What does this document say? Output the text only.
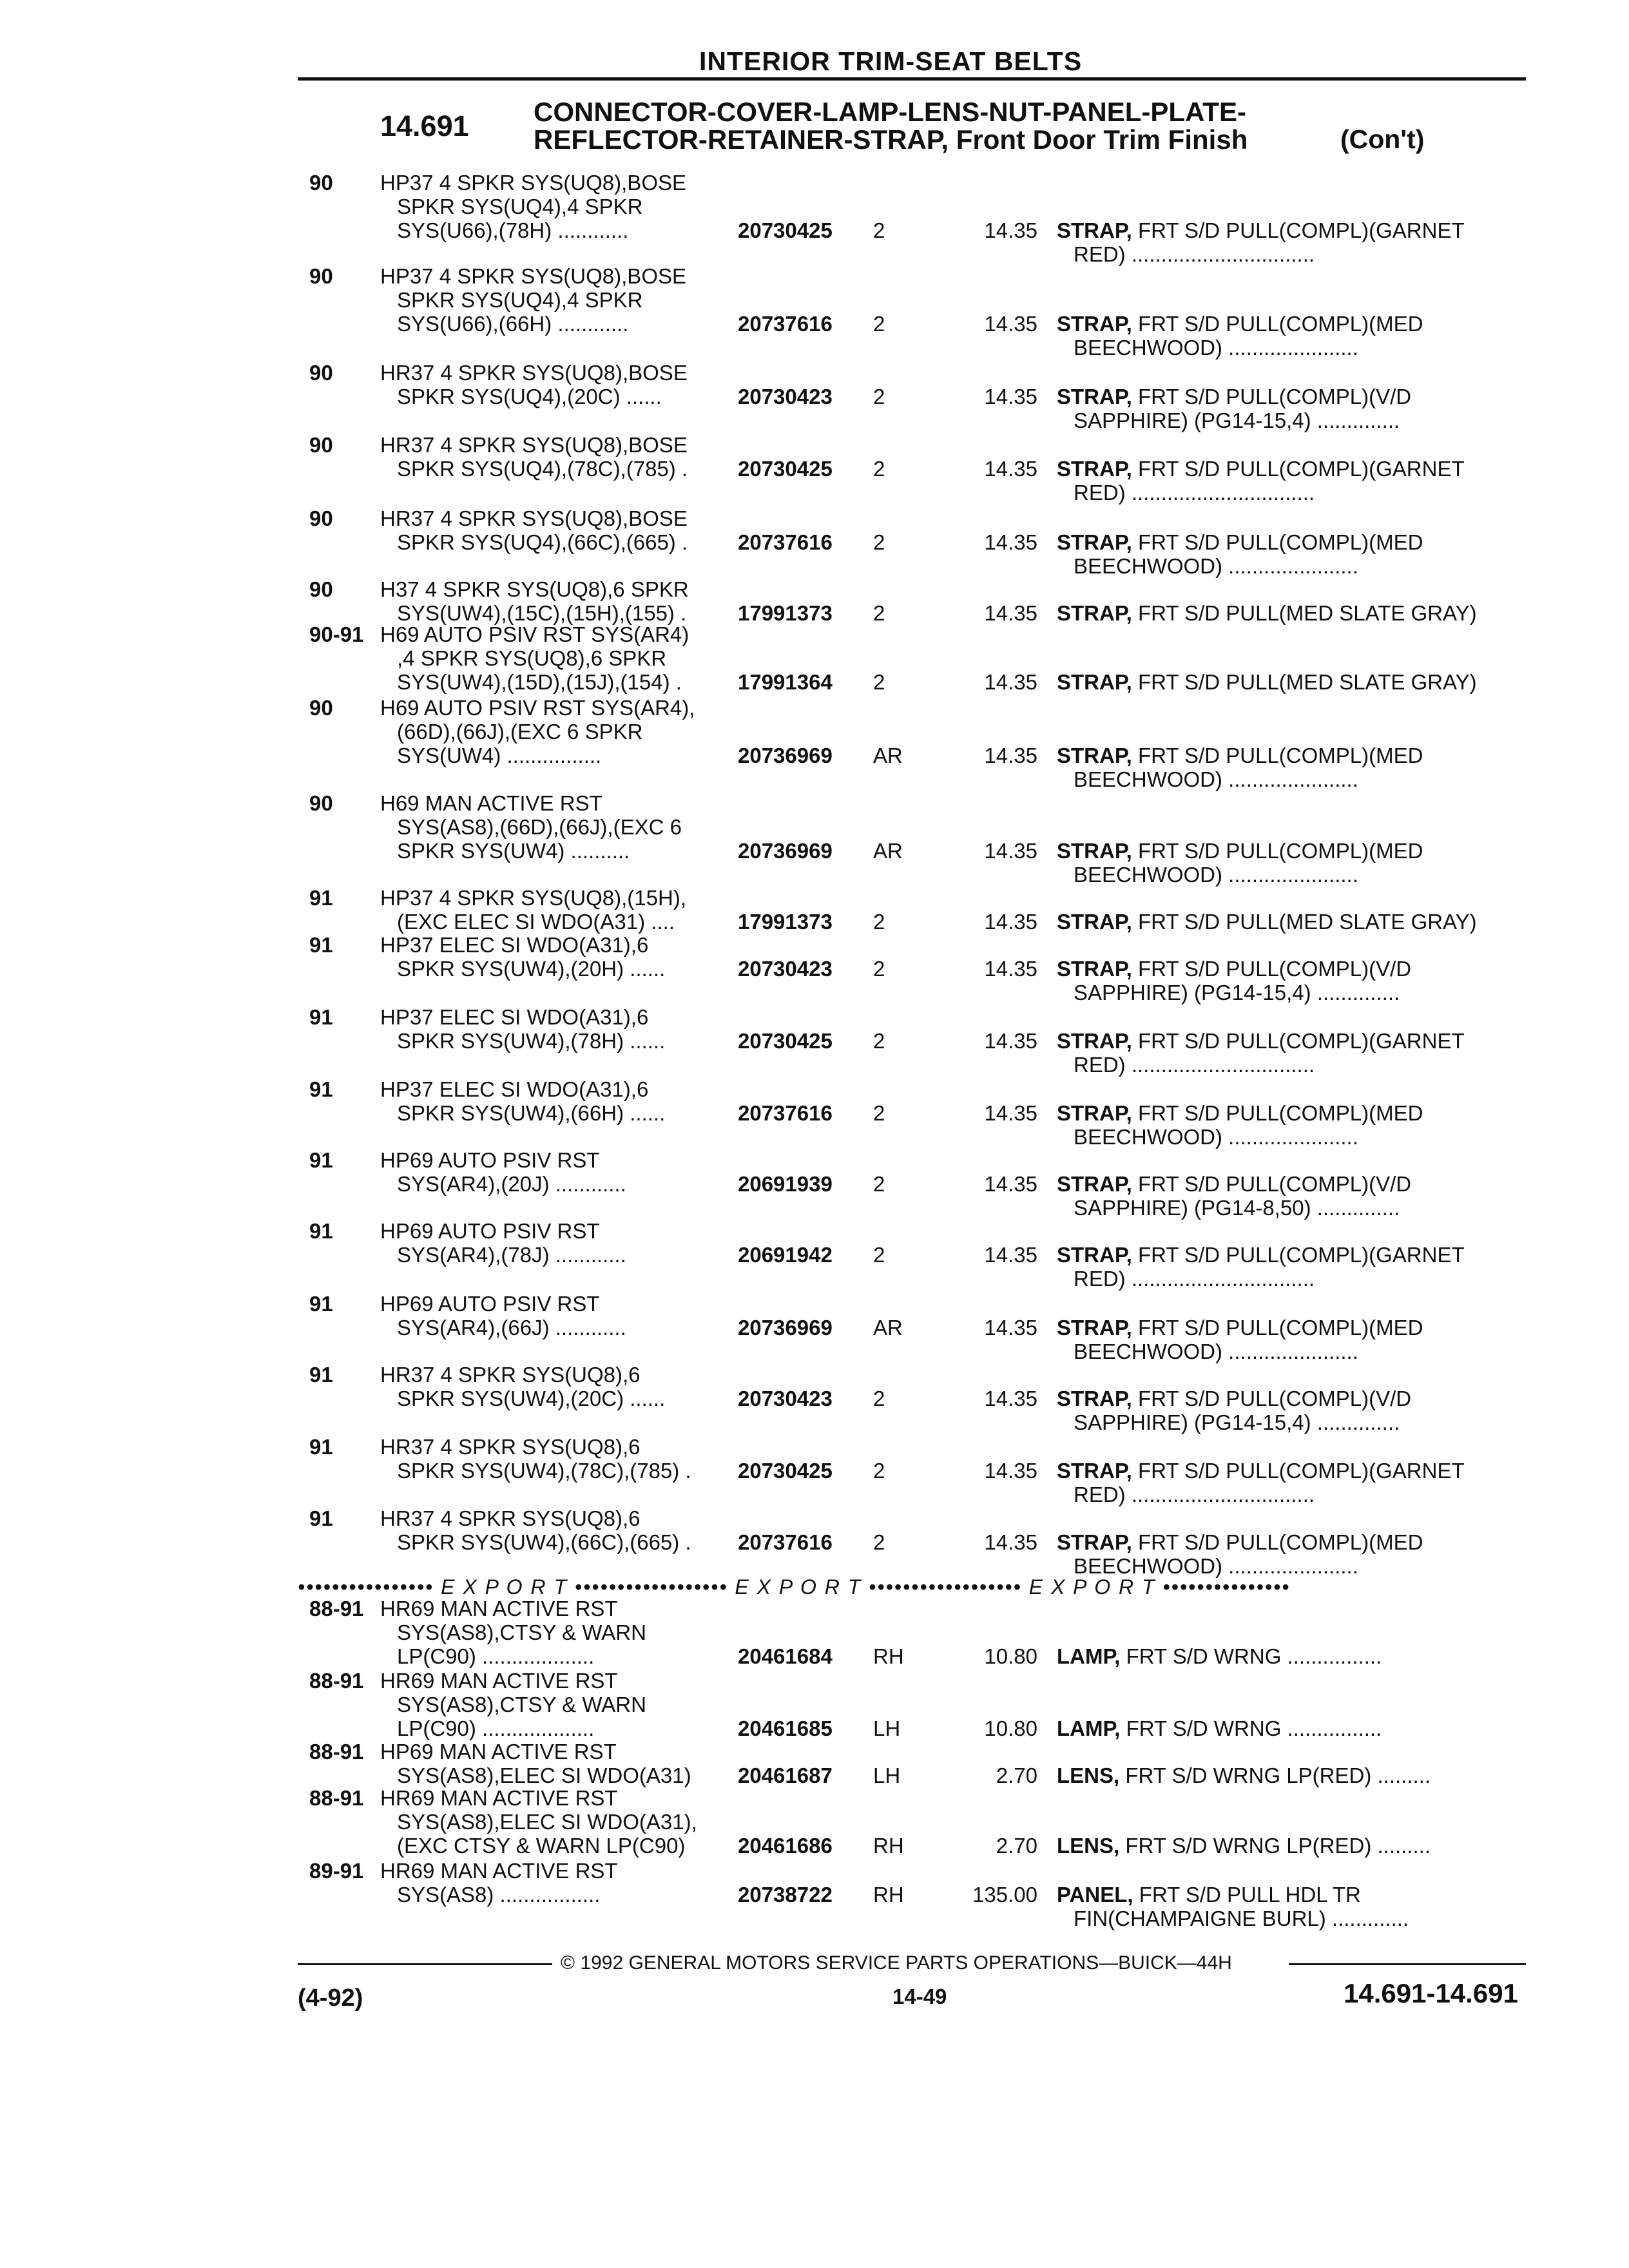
INTERIOR TRIM-SEAT BELTS
14.691 CONNECTOR-COVER-LAMP-LENS-NUT-PANEL-PLATE-
REFLECTOR-RETAINER-STRAP, Front Door Trim Finish	(Con't)
90 HP37 4 SPKR SYS(UQ8),BOSE
SPKR SYS(UQ4),4 SPKR
SYS(U66),(78H) ............	20730425 2	14.35 STRAP, FRT S/D PULL(COMPL)(GARNET
RED) ...............................
90 HP37 4 SPKR SYS(UQ8),BOSE
SPKR SYS(UQ4),4 SPKR
SYS(U66),(66H) ............	20737616 2	14.35 STRAP, FRT S/D PULL(COMPL)(MED
BEECHWOOD) ......................
90 HR37 4 SPKR SYS(UQ8),BOSE
SPKR SYS(UQ4),(20C) ......	20730423 2	14.35 STRAP, FRT S/D PULL(COMPL)(V/D
SAPPHIRE) (PG14-15,4) ..............
90 HR37 4 SPKR SYS(UQ8),BOSE
SPKR SYS(UQ4),(78C),(785) . 20730425 2	14.35 STRAP, FRT S/D PULL(COMPL)(GARNET
RED) ...............................
90 HR37 4 SPKR SYS(UQ8),BOSE
SPKR SYS(UQ4),(66C),(665) . 20737616 2	14.35 STRAP, FRT S/D PULL(COMPL)(MED
BEECHWOOD) ......................
90 H37 4 SPKR SYS(UQ8),6 SPKR
SYS(UW4),(15C),(15H),(155) . 17991373 2	14.35 STRAP, FRT S/D PULL(MED SLATE GRAY)
90-91 H69 AUTO PSIV RST SYS(AR4)
,4 SPKR SYS(UQ8),6 SPKR
SYS(UW4),(15D),(15J),(154) .	17991364 2	14.35 STRAP, FRT S/D PULL(MED SLATE GRAY)
90 H69 AUTO PSIV RST SYS(AR4),
(66D),(66J),(EXC 6 SPKR
SYS(UW4) ................	20736969 AR	14.35 STRAP, FRT S/D PULL(COMPL)(MED
BEECHWOOD) ......................
90 H69 MAN ACTIVE RST
SYS(AS8),(66D),(66J),(EXC 6
SPKR SYS(UW4) ..........	20736969 AR	14.35 STRAP, FRT S/D PULL(COMPL)(MED
BEECHWOOD) ......................
91 HP37 4 SPKR SYS(UQ8),(15H),
(EXC ELEC SI WDO(A31) ....	17991373 2	14.35 STRAP, FRT S/D PULL(MED SLATE GRAY)
91 HP37 ELEC SI WDO(A31),6
SPKR SYS(UW4),(20H) ......	20730423 2	14.35 STRAP, FRT S/D PULL(COMPL)(V/D
SAPPHIRE) (PG14-15,4) ..............
91 HP37 ELEC SI WDO(A31),6
SPKR SYS(UW4),(78H) ......	20730425 2	14.35 STRAP, FRT S/D PULL(COMPL)(GARNET
RED) ...............................
91 HP37 ELEC SI WDO(A31),6
SPKR SYS(UW4),(66H) ......	20737616 2	14.35 STRAP, FRT S/D PULL(COMPL)(MED
BEECHWOOD) ......................
91 HP69 AUTO PSIV RST
SYS(AR4),(20J) ............	20691939 2	14.35 STRAP, FRT S/D PULL(COMPL)(V/D
SAPPHIRE) (PG14-8,50) ..............
91 HP69 AUTO PSIV RST
SYS(AR4),(78J) ............	20691942 2	14.35 STRAP, FRT S/D PULL(COMPL)(GARNET
RED) ...............................
91 HP69 AUTO PSIV RST
SYS(AR4),(66J) ............	20736969 AR	14.35 STRAP, FRT S/D PULL(COMPL)(MED
BEECHWOOD) ......................
91 HR37 4 SPKR SYS(UQ8),6
SPKR SYS(UW4),(20C) ......	20730423 2	14.35 STRAP, FRT S/D PULL(COMPL)(V/D
SAPPHIRE) (PG14-15,4) ..............
91 HR37 4 SPKR SYS(UQ8),6
SPKR SYS(UW4),(78C),(785) . 20730425 2	14.35 STRAP, FRT S/D PULL(COMPL)(GARNET
RED) ...............................
91 HR37 4 SPKR SYS(UQ8),6
SPKR SYS(UW4),(66C),(665) . 20737616 2	14.35 STRAP, FRT S/D PULL(COMPL)(MED
BEECHWOOD) ......................
88-91 HR69 MAN ACTIVE RST
SYS(AS8),CTSY & WARN
LP(C90) ...................	20461684 RH	10.80 LAMP, FRT S/D WRNG ................
88-91 HR69 MAN ACTIVE RST
SYS(AS8),CTSY & WARN
LP(C90) ...................	20461685 LH	10.80 LAMP, FRT S/D WRNG ................
88-91 HP69 MAN ACTIVE RST
SYS(AS8),ELEC SI WDO(A31) 20461687 LH	2.70 LENS, FRT S/D WRNG LP(RED) .........
88-91 HR69 MAN ACTIVE RST
SYS(AS8),ELEC SI WDO(A31),
(EXC CTSY & WARN LP(C90)	20461686 RH	2.70 LENS, FRT S/D WRNG LP(RED) .........
89-91 HR69 MAN ACTIVE RST
SYS(AS8) .................	20738722 RH	135.00 PANEL, FRT S/D PULL HDL TR
FIN(CHAMPAIGNE BURL) .............
•••••••••••••••• E X P O R T •••••••••••••••••• E X P O R T •••••••••••••••••• E X P O R T •••••••••••••••
© 1992 GENERAL MOTORS SERVICE PARTS OPERATIONS—BUICK—44H
(4-92)	14-49	14.691-14.691
